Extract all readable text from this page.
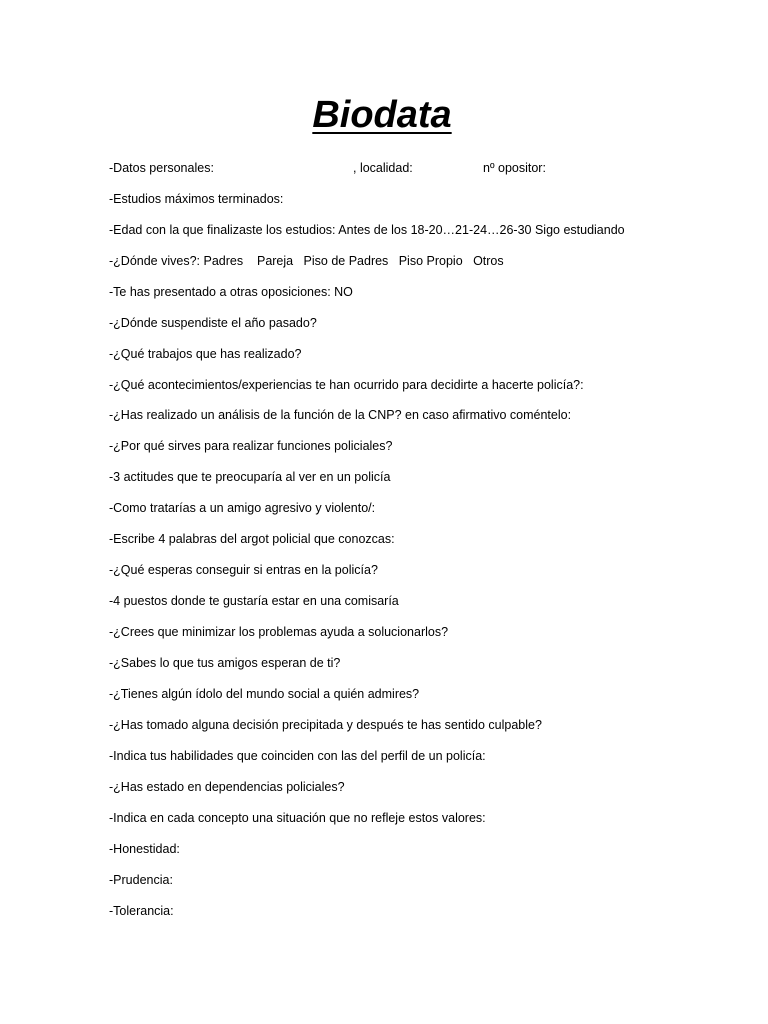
Biodata
-Datos personales:	, localidad:	nº opositor:

-Estudios máximos terminados:

-Edad con la que finalizaste los estudios: Antes de los 18-20…21-24…26-30 Sigo estudiando

-¿Dónde vives?: Padres    Pareja   Piso de Padres   Piso Propio   Otros

-Te has presentado a otras oposiciones: NO

-¿Dónde suspendiste el año pasado?

-¿Qué trabajos que has realizado?

-¿Qué acontecimientos/experiencias te han ocurrido para decidirte a hacerte policía?:

-¿Has realizado un análisis de la función de la CNP? en caso afirmativo coméntelo:

-¿Por qué sirves para realizar funciones policiales?

-3 actitudes que te preocuparía al ver en un policía

-Como tratarías a un amigo agresivo y violento/:

-Escribe 4 palabras del argot policial que conozcas:

-¿Qué esperas conseguir si entras en la policía?

-4 puestos donde te gustaría estar en una comisaría

-¿Crees que minimizar los problemas ayuda a solucionarlos?

-¿Sabes lo que tus amigos esperan de ti?

-¿Tienes algún ídolo del mundo social a quién admires?

-¿Has tomado alguna decisión precipitada y después te has sentido culpable?

-Indica tus habilidades que coinciden con las del perfil de un policía:

-¿Has estado en dependencias policiales?

-Indica en cada concepto una situación que no refleje estos valores:

-Honestidad:

-Prudencia:

-Tolerancia:
